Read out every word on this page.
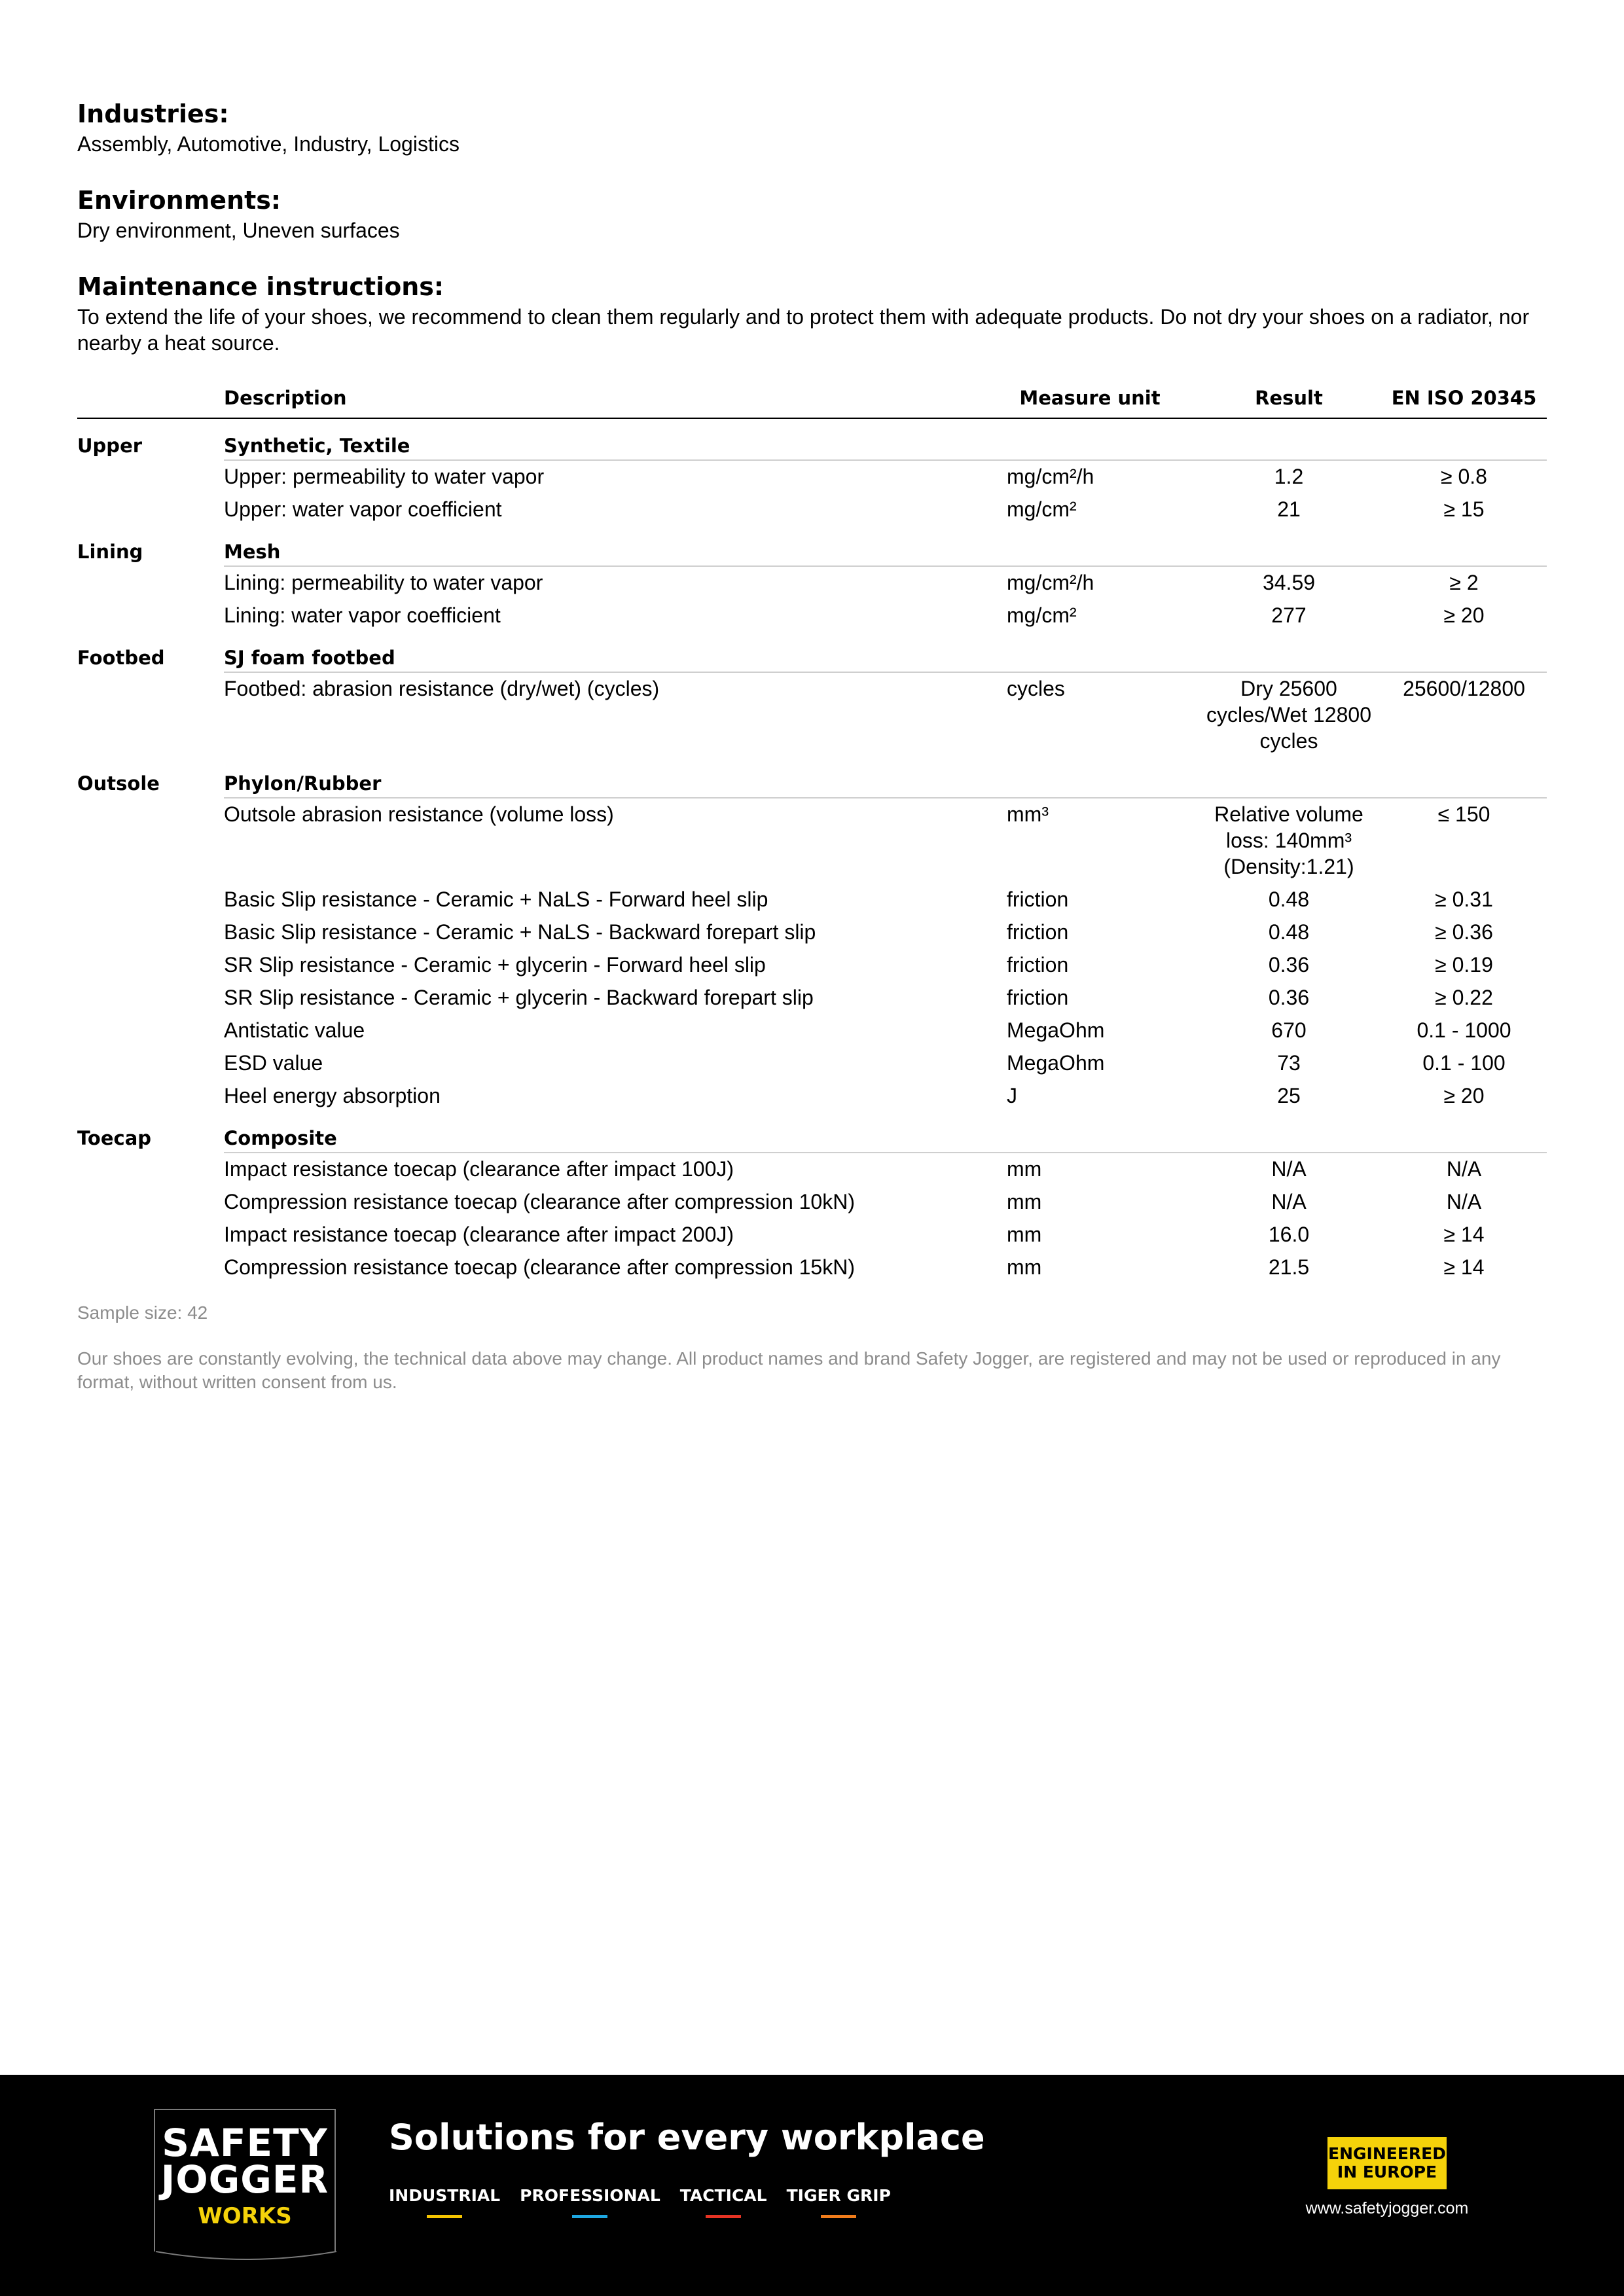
Industries:

Assembly, Automotive, Industry, Logistics

Environments:

Dry environment, Uneven surfaces

Maintenance instructions:

To extend the life of your shoes, we recommend to clean them regularly and to protect them with adequate products. Do not dry your shoes on a radiator, nor nearby a heat source.

	Description	Measure unit	Result	EN ISO 20345
Upper	Synthetic, Textile			
	Upper: permeability to water vapor	mg/cm²/h	1.2	≥ 0.8
	Upper: water vapor coefficient	mg/cm²	21	≥ 15
Lining	Mesh			
	Lining: permeability to water vapor	mg/cm²/h	34.59	≥ 2
	Lining: water vapor coefficient	mg/cm²	277	≥ 20
Footbed	SJ foam footbed			
	Footbed: abrasion resistance (dry/wet) (cycles)	cycles	Dry 25600 cycles/Wet 12800 cycles	25600/12800
Outsole	Phylon/Rubber			
	Outsole abrasion resistance (volume loss)	mm³	Relative volume loss: 140mm³ (Density:1.21)	≤ 150
	Basic Slip resistance - Ceramic + NaLS - Forward heel slip	friction	0.48	≥ 0.31
	Basic Slip resistance - Ceramic + NaLS - Backward forepart slip	friction	0.48	≥ 0.36
	SR Slip resistance - Ceramic + glycerin - Forward heel slip	friction	0.36	≥ 0.19
	SR Slip resistance - Ceramic + glycerin - Backward forepart slip	friction	0.36	≥ 0.22
	Antistatic value	MegaOhm	670	0.1 - 1000
	ESD value	MegaOhm	73	0.1 - 100
	Heel energy absorption	J	25	≥ 20
Toecap	Composite			
	Impact resistance toecap (clearance after impact 100J)	mm	N/A	N/A
	Compression resistance toecap (clearance after compression 10kN)	mm	N/A	N/A
	Impact resistance toecap (clearance after impact 200J)	mm	16.0	≥ 14
	Compression resistance toecap (clearance after compression 15kN)	mm	21.5	≥ 14
Sample size: 42
Our shoes are constantly evolving, the technical data above may change. All product names and brand Safety Jogger, are registered and may not be used or reproduced in any format, without written consent from us.
SAFETY
JOGGER
WORKS
Solutions for every workplace
INDUSTRIAL PROFESSIONAL TACTICAL TIGER GRIP
ENGINEERED
IN EUROPE
www.safetyjogger.com
